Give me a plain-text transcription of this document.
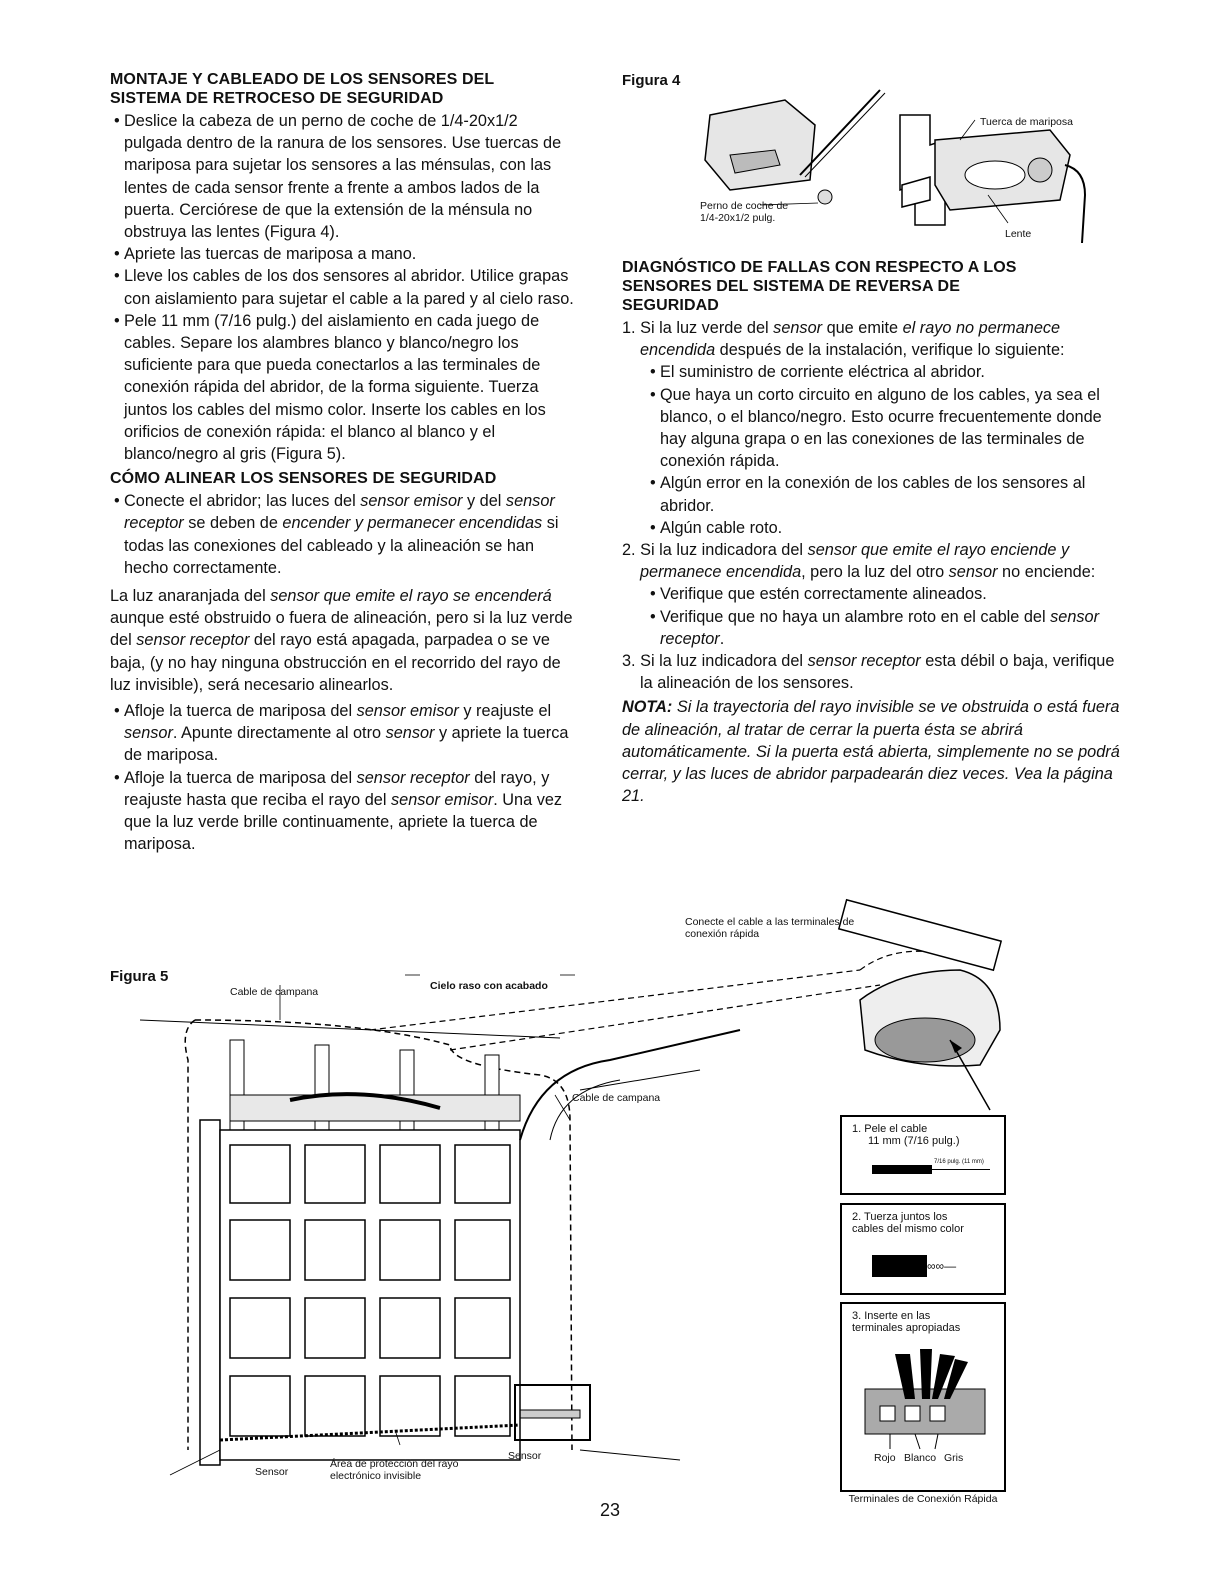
MONTAJE Y CABLEADO DE LOS SENSORES DEL SISTEMA DE RETROCESO DE SEGURIDAD

• Deslice la cabeza de un perno de coche de 1/4-20x1/2 pulgada dentro de la ranura de los sensores. Use tuercas de mariposa para sujetar los sensores a las ménsulas, con las lentes de cada sensor frente a frente a ambos lados de la puerta. Cerciórese de que la extensión de la ménsula no obstruya las lentes (Figura 4).

• Apriete las tuercas de mariposa a mano.

• Lleve los cables de los dos sensores al abridor. Utilice grapas con aislamiento para sujetar el cable a la pared y al cielo raso.

• Pele 11 mm (7/16 pulg.) del aislamiento en cada juego de cables. Separe los alambres blanco y blanco/negro los suficiente para que pueda conectarlos a las terminales de conexión rápida del abridor, de la forma siguiente. Tuerza juntos los cables del mismo color. Inserte los cables en los orificios de conexión rápida: el blanco al blanco y el blanco/negro al gris (Figura 5).

CÓMO ALINEAR LOS SENSORES DE SEGURIDAD

• Conecte el abridor; las luces del sensor emisor y del sensor receptor se deben de encender y permanecer encendidas si todas las conexiones del cableado y la alineación se han hecho correctamente.

La luz anaranjada del sensor que emite el rayo se encenderá aunque esté obstruido o fuera de alineación, pero si la luz verde del sensor receptor del rayo está apagada, parpadea o se ve baja, (y no hay ninguna obstrucción en el recorrido del rayo de luz invisible), será necesario alinearlos.

• Afloje la tuerca de mariposa del sensor emisor y reajuste el sensor. Apunte directamente al otro sensor y apriete la tuerca de mariposa.

• Afloje la tuerca de mariposa del sensor receptor del rayo, y reajuste hasta que reciba el rayo del sensor emisor. Una vez que la luz verde brille continuamente, apriete la tuerca de mariposa.

Figura 4
Tuerca de mariposa
Perno de coche de 1/4-20x1/2 pulg.
Lente
DIAGNÓSTICO DE FALLAS CON RESPECTO A LOS SENSORES DEL SISTEMA DE REVERSA DE SEGURIDAD

1. Si la luz verde del sensor que emite el rayo no permanece encendida después de la instalación, verifique lo siguiente:

• El suministro de corriente eléctrica al abridor.

• Que haya un corto circuito en alguno de los cables, ya sea el blanco, o el blanco/negro. Esto ocurre frecuentemente donde hay alguna grapa o en las conexiones de las terminales de conexión rápida.

• Algún error en la conexión de los cables de los sensores al abridor.

• Algún cable roto.

2. Si la luz indicadora del sensor que emite el rayo enciende y permanece encendida, pero la luz del otro sensor no enciende:

• Verifique que estén correctamente alineados.

• Verifique que no haya un alambre roto en el cable del sensor receptor.

3. Si la luz indicadora del sensor receptor esta débil o baja, verifique la alineación de los sensores.

NOTA: Si la trayectoria del rayo invisible se ve obstruida o está fuera de alineación, al tratar de cerrar la puerta ésta se abrirá automáticamente. Si la puerta está abierta, simplemente no se podrá cerrar, y las luces de abridor parpadearán diez veces. Vea la página 21.

Figura 5
Cable de campana	Cielo raso con acabado
Conecte el cable a las terminales de conexión rápida
Cable de campana
Sensor
Área de protección del rayo electrónico invisible
Sensor
1. Pele el cable
11 mm (7/16 pulg.)
7/16 pulg. (11 mm)
2. Tuerza juntos los cables del mismo color
∞∞—
3. Inserte en las terminales apropiadas
Rojo Blanco Gris
Terminales de Conexión Rápida
23
